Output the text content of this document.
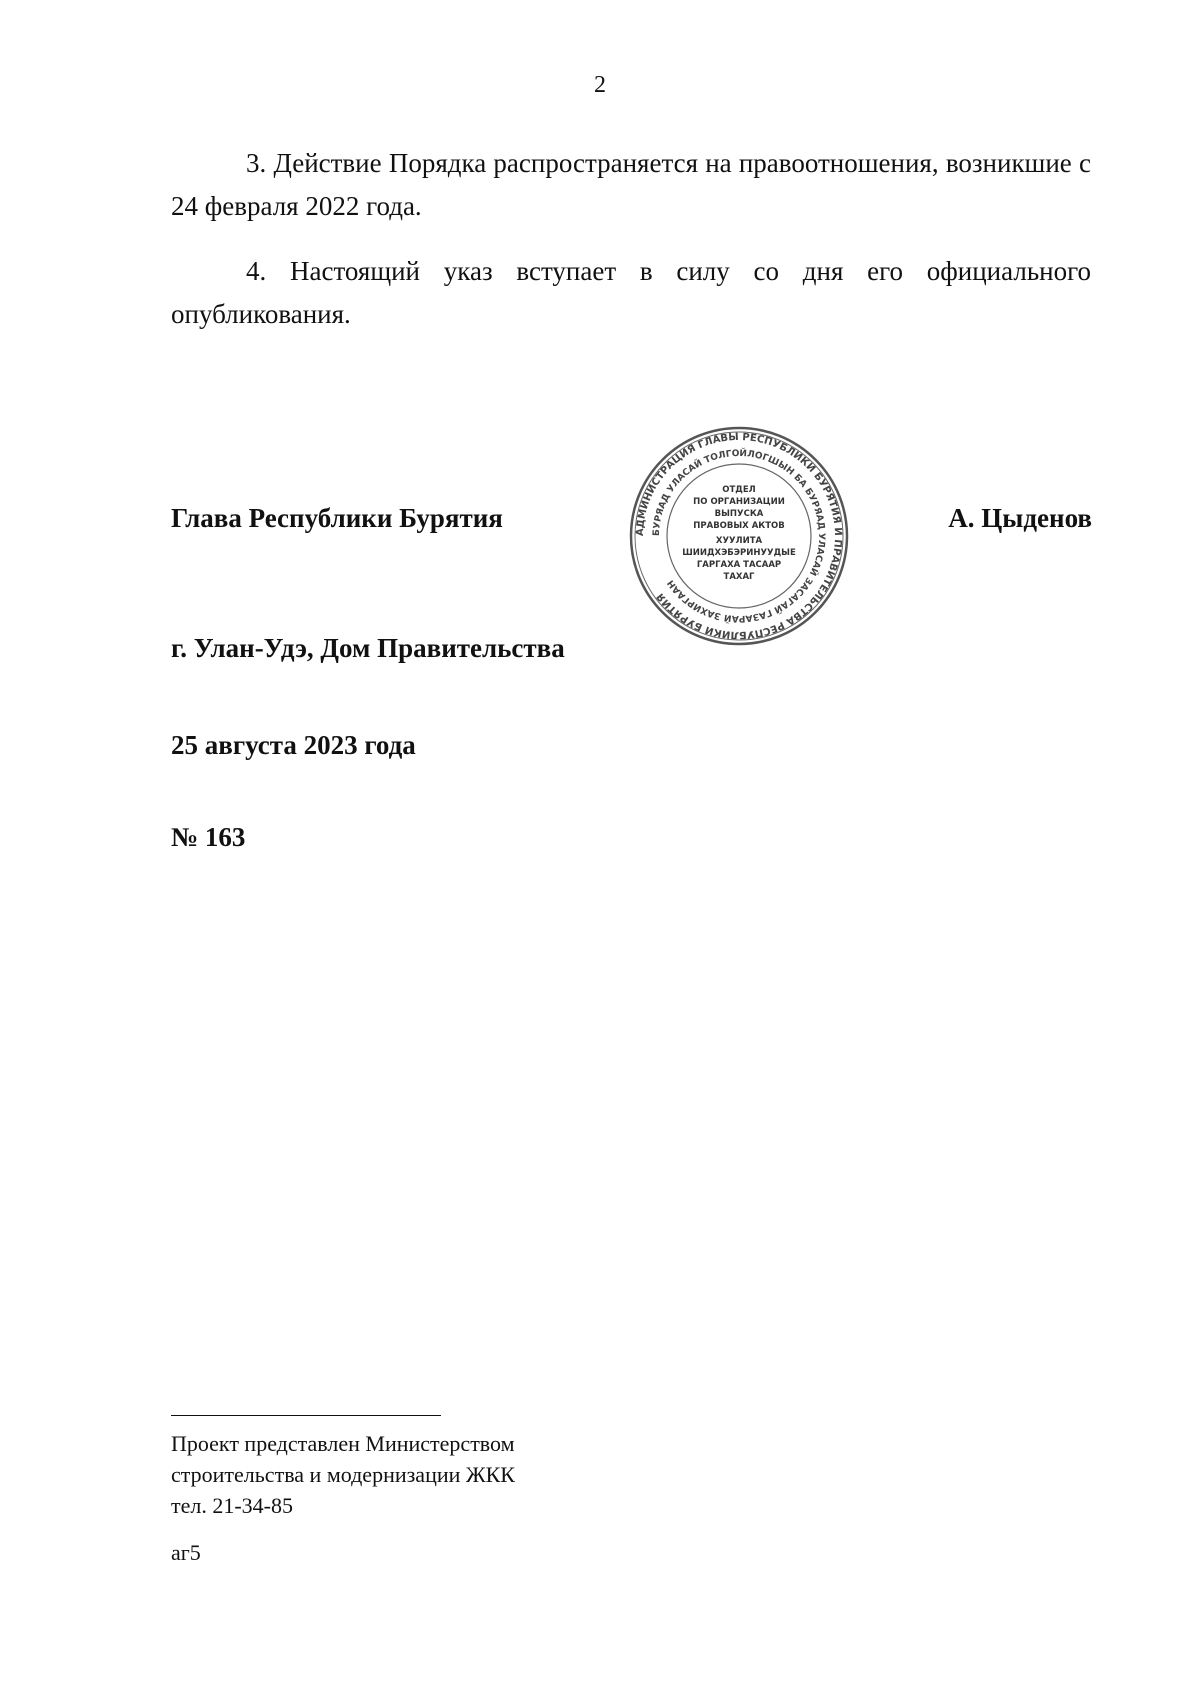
2

3. Действие Порядка распространяется на правоотношения, возникшие с 24 февраля 2022 года.

4. Настоящий указ вступает в силу со дня его официального опубликования.

Глава Республики Бурятия	А. Цыденов

АДМИНИСТРАЦИЯ ГЛАВЫ РЕСПУБЛИКИ БУРЯТИЯ И ПРАВИТЕЛЬСТВА РЕСПУБЛИКИ БУРЯТИЯ
БУРЯАД УЛАСАЙ ТОЛГОЙЛОГШЫН БА БУРЯАД УЛАСАЙ ЗАСАГАЙ ГАЗАРАЙ ЗАХИРГААН
ОТДЕЛ
ПО ОРГАНИЗАЦИИ
ВЫПУСКА
ПРАВОВЫХ АКТОВ
ХУУЛИТА
ШИИДХЭБЭРИНУУДЫЕ
ГАРГАХА ТАСААР
ТАХАГ

г. Улан-Удэ, Дом Правительства

25 августа 2023 года

№ 163

Проект представлен Министерством
строительства и модернизации ЖКК
тел. 21-34-85

аг5
